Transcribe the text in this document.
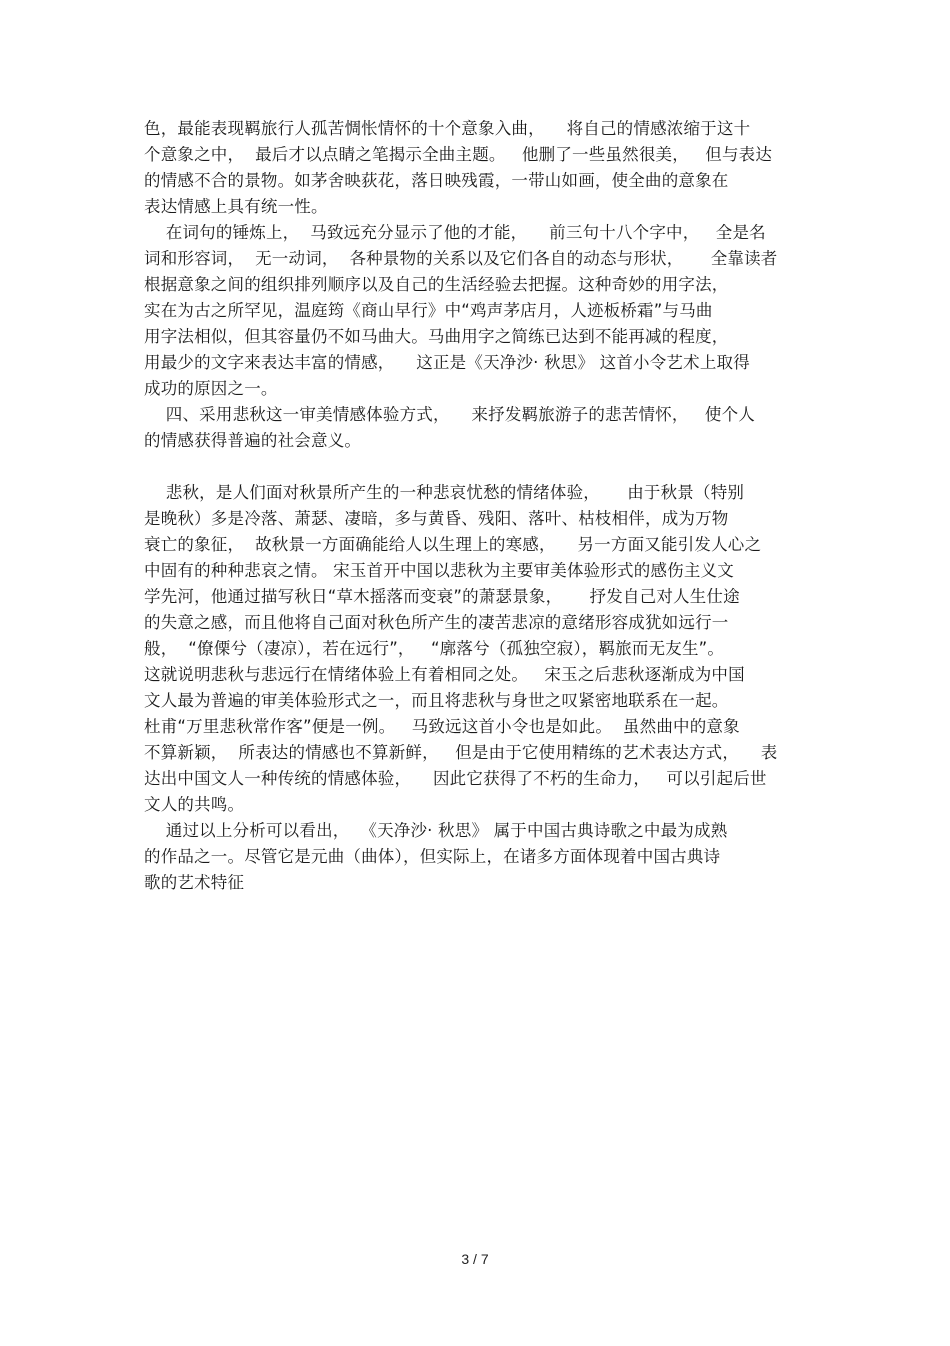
色，最能表现羁旅行人孤苦惆怅情怀的十个意象入曲，    将自己的情感浓缩于这十
个意象之中，  最后才以点睛之笔揭示全曲主题。   他删了一些虽然很美，   但与表达
的情感不合的景物。如茅舍映荻花，落日映残霞，一带山如画，使全曲的意象在
表达情感上具有统一性。
在词句的锤炼上，  马致远充分显示了他的才能，    前三句十八个字中，   全是名
词和形容词，  无一动词，  各种景物的关系以及它们各自的动态与形状，     全靠读者
根据意象之间的组织排列顺序以及自己的生活经验去把握。这种奇妙的用字法，
实在为古之所罕见，温庭筠《商山早行》中“鸡声茅店月，人迹板桥霜”与马曲
用字法相似，但其容量仍不如马曲大。马曲用字之简练已达到不能再减的程度，
用最少的文字来表达丰富的情感，    这正是《天净沙· 秋思》 这首小令艺术上取得
成功的原因之一。
四、采用悲秋这一审美情感体验方式，    来抒发羁旅游子的悲苦情怀，   使个人
的情感获得普遍的社会意义。
悲秋，是人们面对秋景所产生的一种悲哀忧愁的情绪体验，     由于秋景（特别
是晚秋）多是冷落、萧瑟、凄暗，多与黄昏、残阳、落叶、枯枝相伴，成为万物
衰亡的象征，  故秋景一方面确能给人以生理上的寒感，    另一方面又能引发人心之
中固有的种种悲哀之情。 宋玉首开中国以悲秋为主要审美体验形式的感伤主义文
学先河，他通过描写秋日“草木摇落而变衰”的萧瑟景象，     抒发自己对人生仕途
的失意之感，而且他将自己面对秋色所产生的凄苦悲凉的意绪形容成犹如远行一
般，  “僚傈兮（凄凉），若在远行”，   “廓落兮（孤独空寂），羁旅而无友生”。
这就说明悲秋与悲远行在情绪体验上有着相同之处。   宋玉之后悲秋逐渐成为中国
文人最为普遍的审美体验形式之一，而且将悲秋与身世之叹紧密地联系在一起。
杜甫“万里悲秋常作客”便是一例。   马致远这首小令也是如此。  虽然曲中的意象
不算新颖，  所表达的情感也不算新鲜，   但是由于它使用精练的艺术表达方式，    表
达出中国文人一种传统的情感体验，    因此它获得了不朽的生命力，   可以引起后世
文人的共鸣。
通过以上分析可以看出，  《天净沙· 秋思》 属于中国古典诗歌之中最为成熟
的作品之一。尽管它是元曲（曲体），但实际上，在诸多方面体现着中国古典诗
歌的艺术特征
3 / 7
